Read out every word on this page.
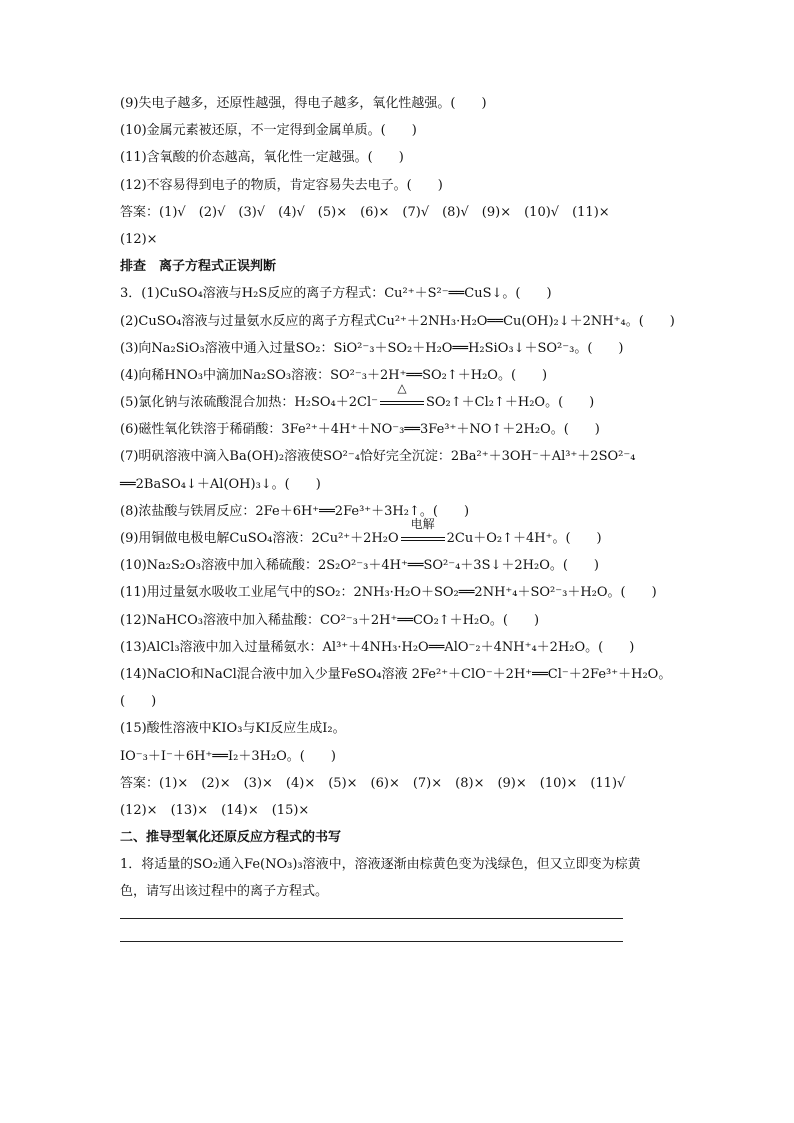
(9)失电子越多，还原性越强，得电子越多，氧化性越强。(　　)
(10)金属元素被还原，不一定得到金属单质。(　　)
(11)含氧酸的价态越高，氧化性一定越强。(　　)
(12)不容易得到电子的物质，肯定容易失去电子。(　　)
答案：(1)√　(2)√　(3)√　(4)√　(5)×　(6)×　(7)√　(8)√　(9)×　(10)√　(11)×
(12)×
排查　离子方程式正误判断
3．(1)CuSO₄溶液与H₂S反应的离子方程式：Cu²⁺＋S²⁻══CuS↓。(　　)
(2)CuSO₄溶液与过量氨水反应的离子方程式Cu²⁺＋2NH₃·H₂O══Cu(OH)₂↓＋2NH⁺₄。(　　)
(3)向Na₂SiO₃溶液中通入过量SO₂：SiO²⁻₃＋SO₂＋H₂O══H₂SiO₃↓＋SO²⁻₃。(　　)
(4)向稀HNO₃中滴加Na₂SO₃溶液：SO²⁻₃＋2H⁺══SO₂↑＋H₂O。(　　)
(5)氯化钠与浓硫酸混合加热：H₂SO₄＋2Cl⁻
△
SO₂↑＋Cl₂↑＋H₂O。(　　)
(6)磁性氧化铁溶于稀硝酸：3Fe²⁺＋4H⁺＋NO⁻₃══3Fe³⁺＋NO↑＋2H₂O。(　　)
(7)明矾溶液中滴入Ba(OH)₂溶液使SO²⁻₄恰好完全沉淀：2Ba²⁺＋3OH⁻＋Al³⁺＋2SO²⁻₄
══2BaSO₄↓＋Al(OH)₃↓。(　　)
(8)浓盐酸与铁屑反应：2Fe＋6H⁺══2Fe³⁺＋3H₂↑。(　　)
(9)用铜做电极电解CuSO₄溶液：2Cu²⁺＋2H₂O
电解
2Cu＋O₂↑＋4H⁺。(　　)
(10)Na₂S₂O₃溶液中加入稀硫酸：2S₂O²⁻₃＋4H⁺══SO²⁻₄＋3S↓＋2H₂O。(　　)
(11)用过量氨水吸收工业尾气中的SO₂：2NH₃·H₂O＋SO₂══2NH⁺₄＋SO²⁻₃＋H₂O。(　　)
(12)NaHCO₃溶液中加入稀盐酸：CO²⁻₃＋2H⁺══CO₂↑＋H₂O。(　　)
(13)AlCl₃溶液中加入过量稀氨水：Al³⁺＋4NH₃·H₂O══AlO⁻₂＋4NH⁺₄＋2H₂O。(　　)
(14)NaClO和NaCl混合液中加入少量FeSO₄溶液 2Fe²⁺＋ClO⁻＋2H⁺══Cl⁻＋2Fe³⁺＋H₂O。
(　　)
(15)酸性溶液中KIO₃与KI反应生成I₂。
IO⁻₃＋I⁻＋6H⁺══I₂＋3H₂O。(　　)
答案：(1)×　(2)×　(3)×　(4)×　(5)×　(6)×　(7)×　(8)×　(9)×　(10)×　(11)√
(12)×　(13)×　(14)×　(15)×
二、推导型氧化还原反应方程式的书写
1．将适量的SO₂通入Fe(NO₃)₃溶液中，溶液逐渐由棕黄色变为浅绿色，但又立即变为棕黄
色，请写出该过程中的离子方程式。
